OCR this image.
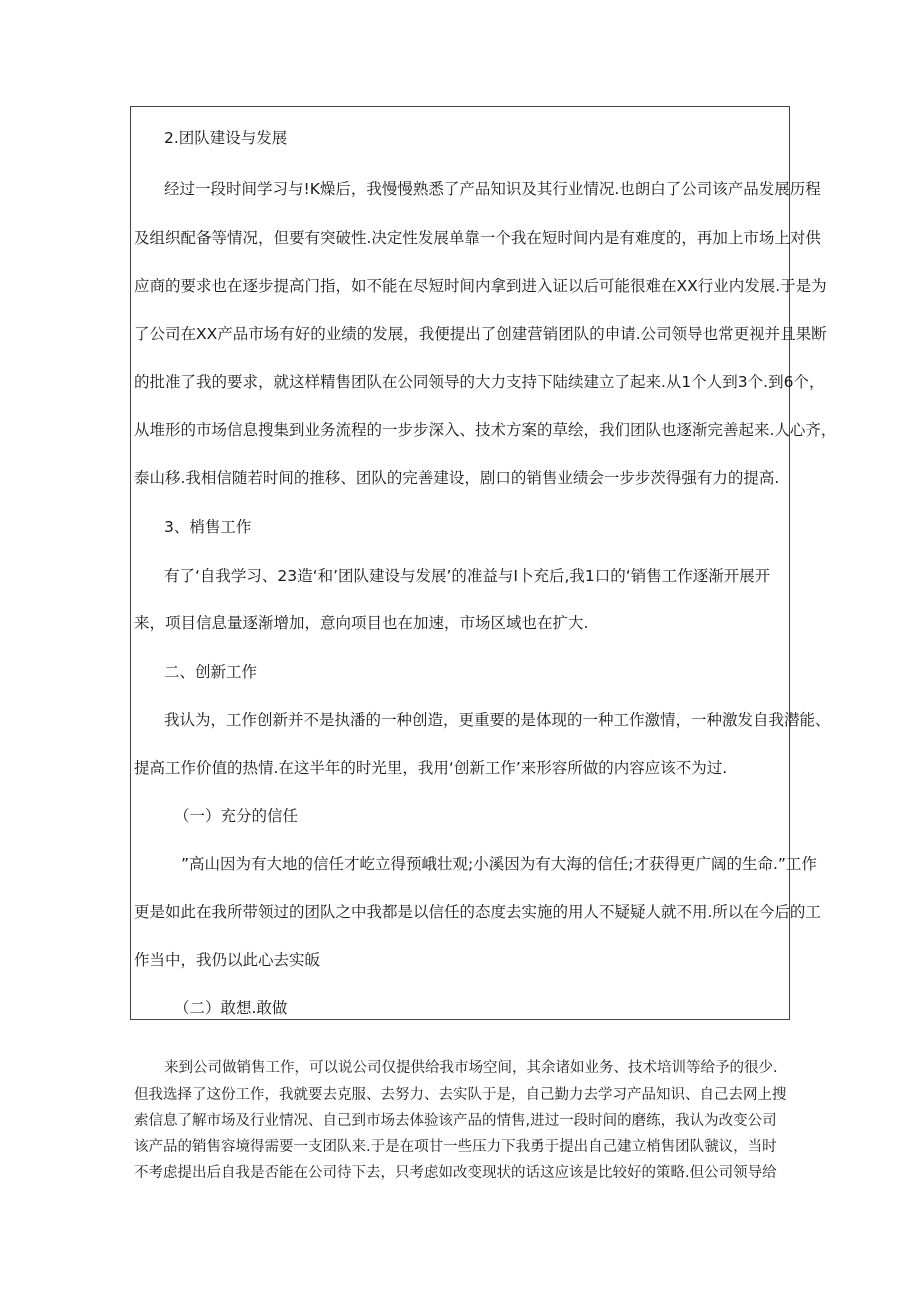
2.团队建设与发展
经过一段时间学习与!K燥后，我慢慢熟悉了产品知识及其行业情况.也朗白了公司该产品发展历程
及组织配备等情况，但要有突破性.决定性发展单靠一个我在短时间内是有难度的，再加上市场上对供
应商的要求也在逐步提高门指，如不能在尽短时间内拿到进入证以后可能很难在XX行业内发展.于是为
了公司在XX产品市场有好的业绩的发展，我便提出了创建营销团队的申请.公司领导也常更视并且果断
的批准了我的要求，就这样精售团队在公同领导的大力支持下陆续建立了起来.从1个人到3个.到6个，
从堆形的市场信息搜集到业务流程的一步步深入、技术方案的草绘，我们团队也逐渐完善起来.人心齐，
泰山移.我相信随若时间的推移、团队的完善建设，剧口的销售业绩会一步步茨得强有力的提高.
3、梢售工作
有了‘自我学习、23造‘和’团队建设与发展’的准益与I卜充后,我1口的‘销售工作逐渐开展开
来，项目信息量逐渐增加，意向项目也在加速，市场区域也在扩大.
二、创新工作
我认为，工作创新并不是执潘的一种创造，更重要的是体现的一种工作激情，一种激发自我潜能、
提高工作价值的热情.在这半年的时光里，我用‘创新工作’来形容所做的内容应该不为过.
（一）充分的信任
”高山因为有大地的信任才屹立得预峨壮观;小溪因为有大海的信任;才获得更广阔的生命.”工作
更是如此在我所带领过的团队之中我都是以信任的态度去实施的用人不疑疑人就不用.所以在今后的工
作当中，我仍以此心去实皈
（二）敢想.敢做
来到公司做销售工作，可以说公司仅提供给我市场空间，其余诸如业务、技术培训等给予的很少.
但我选择了这份工作，我就要去克服、去努力、去实队于是，自己勤力去学习产品知识、自己去网上搜
索信息了解市场及行业情况、自己到市场去体验该产品的情售,进过一段时间的磨练，我认为改变公司
该产品的销售容境得需要一支团队来.于是在项甘一些压力下我勇于提出自己建立梢售团队虢议，当时
不考虑提出后自我是否能在公司待下去，只考虑如改变现状的话这应该是比较好的策略.但公司领导给
